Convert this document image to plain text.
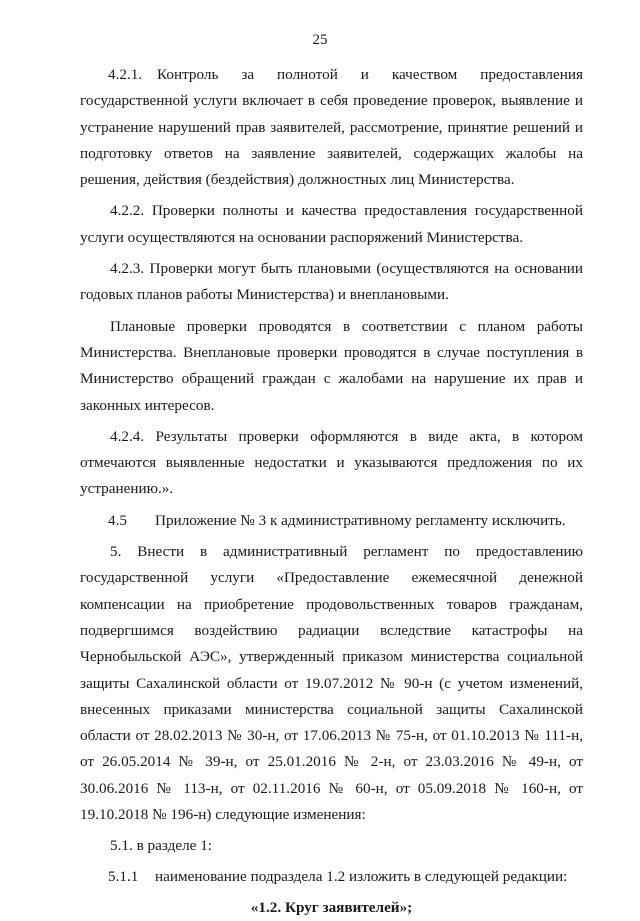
25
4.2.1. Контроль за полнотой и качеством предоставления
государственной услуги включает в себя проведение проверок, выявление и устранение нарушений прав заявителей, рассмотрение, принятие решений и подготовку ответов на заявление заявителей, содержащих жалобы на решения, действия (бездействия) должностных лиц Министерства.

4.2.2. Проверки полноты и качества предоставления государственной услуги осуществляются на основании распоряжений Министерства.

4.2.3. Проверки могут быть плановыми (осуществляются на основании годовых планов работы Министерства) и внеплановыми.

Плановые проверки проводятся в соответствии с планом работы Министерства. Внеплановые проверки проводятся в случае поступления в Министерство обращений граждан с жалобами на нарушение их прав и законных интересов.

4.2.4. Результаты проверки оформляются в виде акта, в котором отмечаются выявленные недостатки и указываются предложения по их устранению.».

4.5	Приложение № 3 к административному регламенту исключить.

5. Внести в административный регламент по предоставлению государственной услуги «Предоставление ежемесячной денежной компенсации на приобретение продовольственных товаров гражданам, подвергшимся воздействию радиации вследствие катастрофы на Чернобыльской АЭС», утвержденный приказом министерства социальной защиты Сахалинской области от 19.07.2012 № 90-н (с учетом изменений, внесенных приказами министерства социальной защиты Сахалинской области от 28.02.2013 № 30-н, от 17.06.2013 № 75-н, от 01.10.2013 № 111-н, от 26.05.2014 № 39-н, от 25.01.2016 № 2-н, от 23.03.2016 № 49-н, от 30.06.2016 № 113-н, от 02.11.2016 № 60-н, от 05.09.2018 № 160-н, от 19.10.2018 № 196-н) следующие изменения:

5.1. в разделе 1:

5.1.1	наименование подраздела 1.2 изложить в следующей редакции:
«1.2. Круг заявителей»;
